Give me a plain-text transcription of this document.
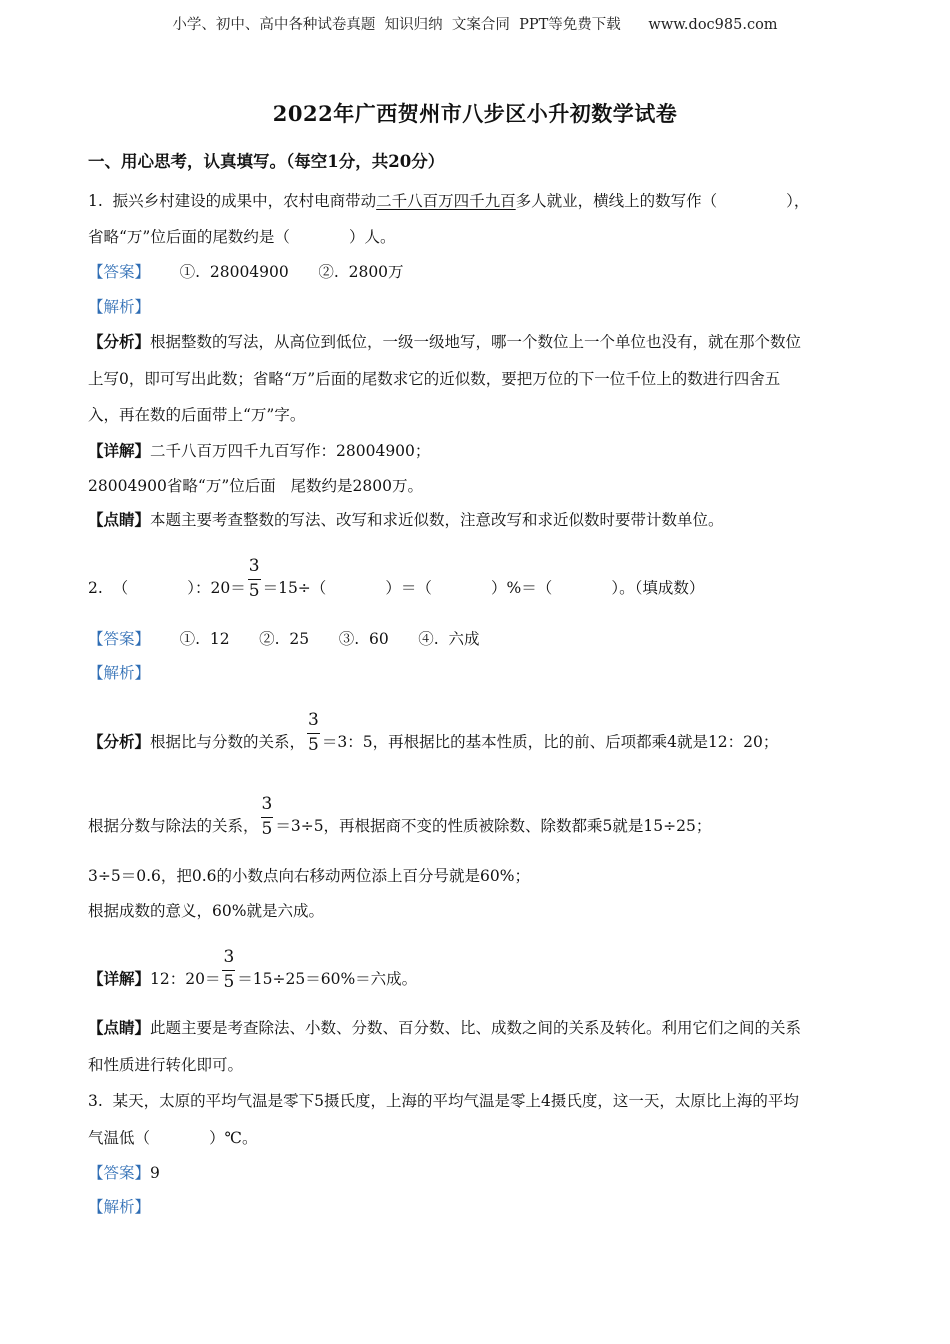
小学、初中、高中各种试卷真题  知识归纳  文案合同  PPT等免费下载      www.doc985.com
2022年广西贺州市八步区小升初数学试卷
一、用心思考，认真填写。（每空1分，共20分）
1.  振兴乡村建设的成果中，农村电商带动二千八百万四千九百多人就业，横线上的数写作（              ），
省略“万”位后面的尾数约是（            ）人。
【答案】      ①.  28004900      ②.  2800万
【解析】
【分析】根据整数的写法，从高位到低位，一级一级地写，哪一个数位上一个单位也没有，就在那个数位
上写0，即可写出此数；省略“万”后面的尾数求它的近似数，要把万位的下一位千位上的数进行四舍五
入，再在数的后面带上“万”字。
【详解】二千八百万四千九百写作：28004900；
28004900省略“万”位后面   尾数约是2800万。
【点睛】本题主要考查整数的写法、改写和求近似数，注意改写和求近似数时要带计数单位。
2.  （            ）：$20= \frac{3}{5} =15\div$（            ）＝（            ）%＝（            ）。（填成数）
【答案】      ①.  12      ②.  25      ③.  60      ④.  六成
【解析】
【分析】根据比与分数的关系， $\frac{3}{5} =3$：5，再根据比的基本性质，比的前、后项都乘4就是12：20；
根据分数与除法的关系， $\frac{3}{5} =3\div 5$，再根据商不变的性质被除数、除数都乘5就是15÷25；
3÷5＝0.6，把0.6的小数点向右移动两位添上百分号就是60%；
根据成数的意义，60%就是六成。
【详解】12：$20= \frac{3}{5} =15\div 25=60\%=$六成。
【点睛】此题主要是考查除法、小数、分数、百分数、比、成数之间的关系及转化。利用它们之间的关系
和性质进行转化即可。
3.  某天，太原的平均气温是零下5摄氏度，上海的平均气温是零上4摄氏度，这一天，太原比上海的平均
气温低（            ）℃。
【答案】9
【解析】
